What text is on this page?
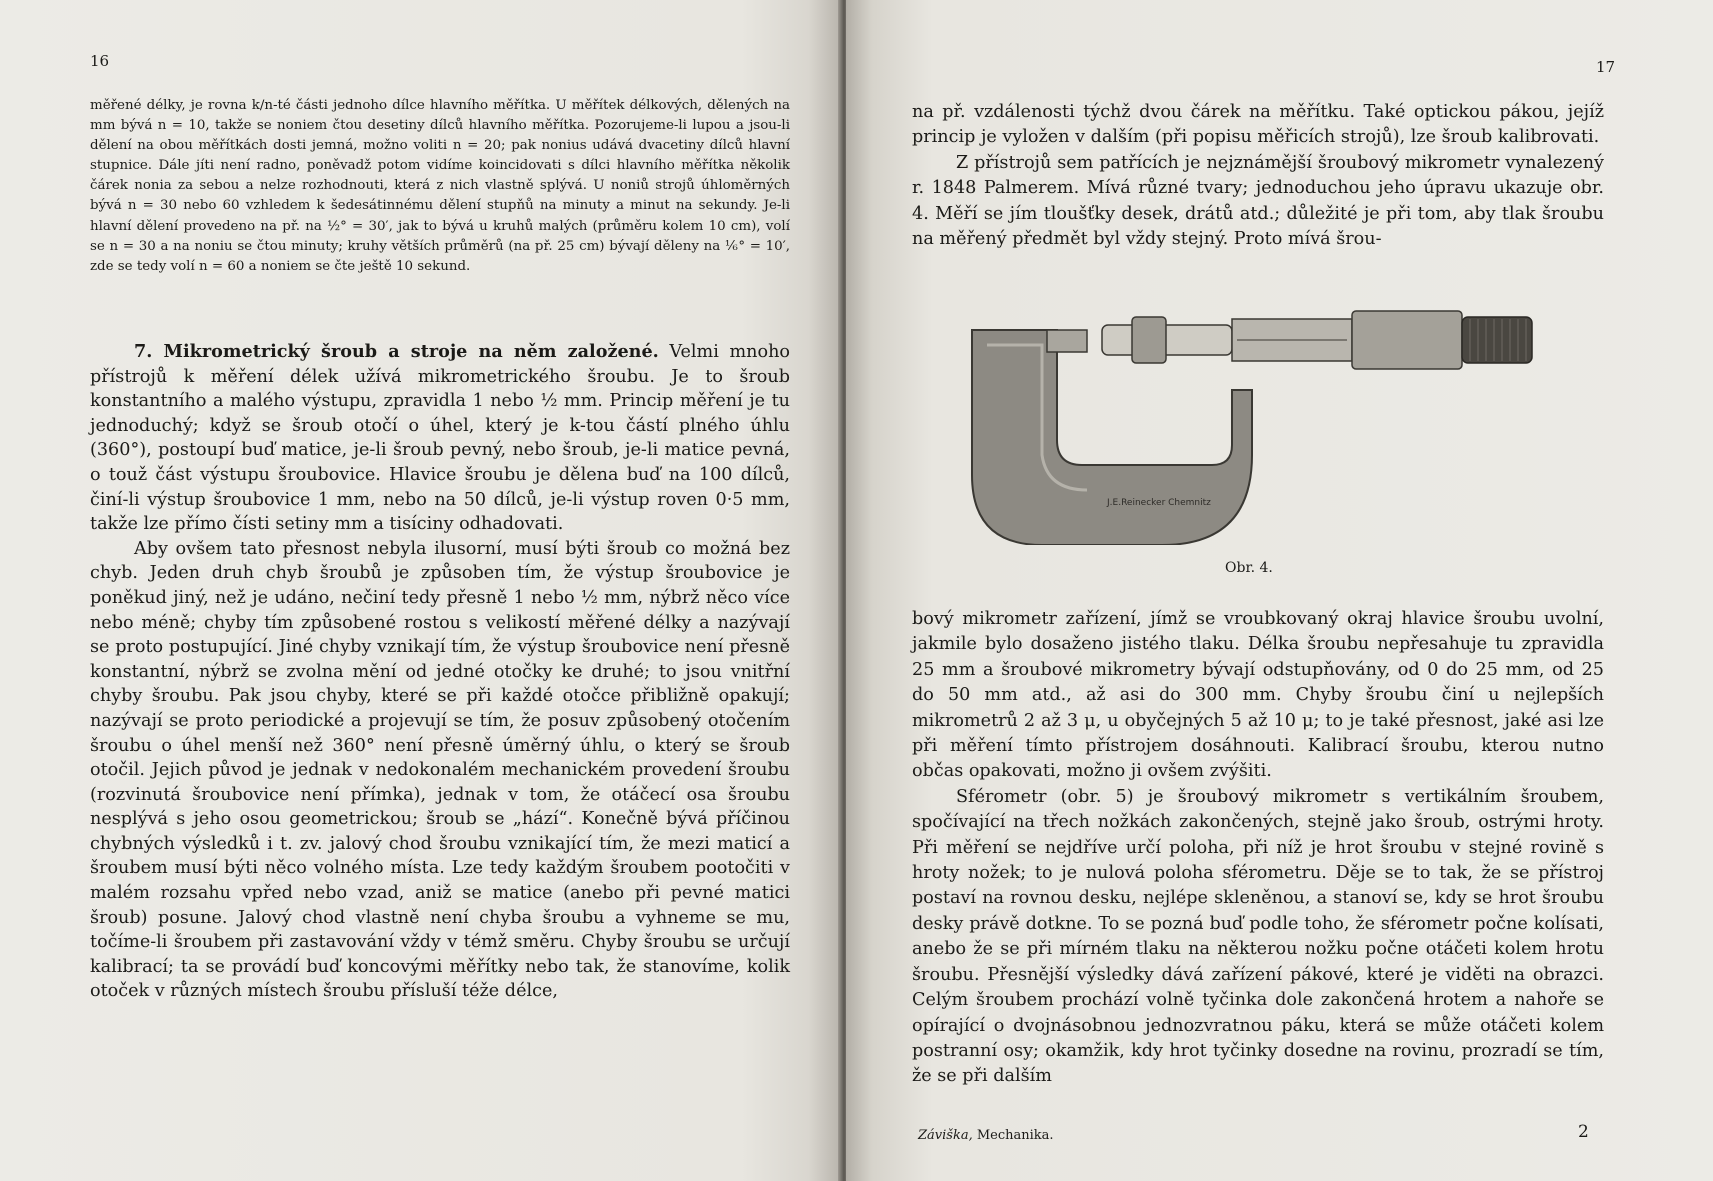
16

měřené délky, je rovna k/n-té části jednoho dílce hlavního měřítka. U měřítek délkových, dělených na mm bývá n = 10, takže se noniem čtou desetiny dílců hlavního měřítka. Pozorujeme-li lupou a jsou-li dělení na obou měřítkách dosti jemná, možno voliti n = 20; pak nonius udává dvacetiny dílců hlavní stupnice. Dále jíti není radno, poněvadž potom vidíme koincidovati s dílci hlavního měřítka několik čárek nonia za sebou a nelze rozhodnouti, která z nich vlastně splývá. U noniů strojů úhloměrných bývá n = 30 nebo 60 vzhledem k šedesátinnému dělení stupňů na minuty a minut na sekundy. Je-li hlavní dělení provedeno na př. na ½° = 30′, jak to bývá u kruhů malých (průměru kolem 10 cm), volí se n = 30 a na noniu se čtou minuty; kruhy větších průměrů (na př. 25 cm) bývají děleny na ⅙° = 10′, zde se tedy volí n = 60 a noniem se čte ještě 10 sekund.

7. Mikrometrický šroub a stroje na něm založené. Velmi mnoho přístrojů k měření délek užívá mikrometrického šroubu. Je to šroub konstantního a malého výstupu, zpravidla 1 nebo ½ mm. Princip měření je tu jednoduchý; když se šroub otočí o úhel, který je k-tou částí plného úhlu (360°), postoupí buď matice, je-li šroub pevný, nebo šroub, je-li matice pevná, o touž část výstupu šroubovice. Hlavice šroubu je dělena buď na 100 dílců, činí-li výstup šroubovice 1 mm, nebo na 50 dílců, je-li výstup roven 0·5 mm, takže lze přímo čísti setiny mm a tisíciny odhadovati.

Aby ovšem tato přesnost nebyla ilusorní, musí býti šroub co možná bez chyb. Jeden druh chyb šroubů je způsoben tím, že výstup šroubovice je poněkud jiný, než je udáno, nečiní tedy přesně 1 nebo ½ mm, nýbrž něco více nebo méně; chyby tím způsobené rostou s velikostí měřené délky a nazývají se proto postupující. Jiné chyby vznikají tím, že výstup šroubovice není přesně konstantní, nýbrž se zvolna mění od jedné otočky ke druhé; to jsou vnitřní chyby šroubu. Pak jsou chyby, které se při každé otočce přibližně opakují; nazývají se proto periodické a projevují se tím, že posuv způsobený otočením šroubu o úhel menší než 360° není přesně úměrný úhlu, o který se šroub otočil. Jejich původ je jednak v nedokonalém mechanickém provedení šroubu (rozvinutá šroubovice není přímka), jednak v tom, že otáčecí osa šroubu nesplývá s jeho osou geometrickou; šroub se „hází“. Konečně bývá příčinou chybných výsledků i t. zv. jalový chod šroubu vznikající tím, že mezi maticí a šroubem musí býti něco volného místa. Lze tedy každým šroubem pootočiti v malém rozsahu vpřed nebo vzad, aniž se matice (anebo při pevné matici šroub) posune. Jalový chod vlastně není chyba šroubu a vyhneme se mu, točíme-li šroubem při zastavování vždy v témž směru. Chyby šroubu se určují kalibrací; ta se provádí buď koncovými měřítky nebo tak, že stanovíme, kolik otoček v různých místech šroubu přísluší téže délce,

17

na př. vzdálenosti týchž dvou čárek na měřítku. Také optickou pákou, jejíž princip je vyložen v dalším (při popisu měřicích strojů), lze šroub kalibrovati.

Z přístrojů sem patřících je nejznámější šroubový mikrometr vynalezený r. 1848 Palmerem. Mívá různé tvary; jednoduchou jeho úpravu ukazuje obr. 4. Měří se jím tloušťky desek, drátů atd.; důležité je při tom, aby tlak šroubu na měřený předmět byl vždy stejný. Proto mívá šrou-

J.E.Reinecker Chemnitz
Obr. 4.

bový mikrometr zařízení, jímž se vroubkovaný okraj hlavice šroubu uvolní, jakmile bylo dosaženo jistého tlaku. Délka šroubu nepřesahuje tu zpravidla 25 mm a šroubové mikrometry bývají odstupňovány, od 0 do 25 mm, od 25 do 50 mm atd., až asi do 300 mm. Chyby šroubu činí u nejlepších mikrometrů 2 až 3 μ, u obyčejných 5 až 10 μ; to je také přesnost, jaké asi lze při měření tímto přístrojem dosáhnouti. Kalibrací šroubu, kterou nutno občas opakovati, možno ji ovšem zvýšiti.

Sférometr (obr. 5) je šroubový mikrometr s vertikálním šroubem, spočívající na třech nožkách zakončených, stejně jako šroub, ostrými hroty. Při měření se nejdříve určí poloha, při níž je hrot šroubu v stejné rovině s hroty nožek; to je nulová poloha sférometru. Děje se to tak, že se přístroj postaví na rovnou desku, nejlépe skleněnou, a stanoví se, kdy se hrot šroubu desky právě dotkne. To se pozná buď podle toho, že sférometr počne kolísati, anebo že se při mírném tlaku na některou nožku počne otáčeti kolem hrotu šroubu. Přesnější výsledky dává zařízení pákové, které je viděti na obrazci. Celým šroubem prochází volně tyčinka dole zakončená hrotem a nahoře se opírající o dvojnásobnou jednozvratnou páku, která se může otáčeti kolem postranní osy; okamžik, kdy hrot tyčinky dosedne na rovinu, prozradí se tím, že se při dalším

Záviška, Mechanika.	2
